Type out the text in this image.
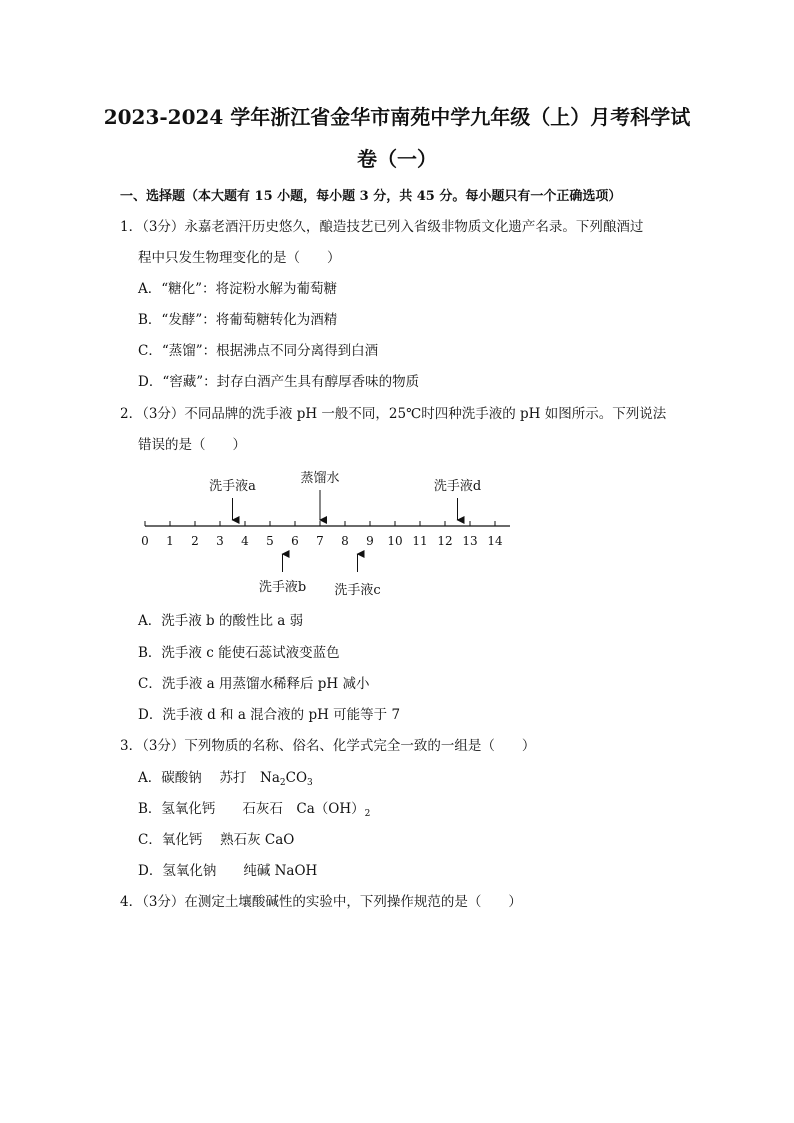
2023-2024 学年浙江省金华市南苑中学九年级（上）月考科学试
卷（一）
一、选择题（本大题有 15 小题，每小题 3 分，共 45 分。每小题只有一个正确选项）
1．（3分）永嘉老酒汗历史悠久，酿造技艺已列入省级非物质文化遗产名录。下列酿酒过
程中只发生物理变化的是（　　）
A．“糖化”：将淀粉水解为葡萄糖
B．“发酵”：将葡萄糖转化为酒精
C．“蒸馏”：根据沸点不同分离得到白酒
D．“窖藏”：封存白酒产生具有醇厚香味的物质
2．（3分）不同品牌的洗手液 pH 一般不同，25℃时四种洗手液的 pH 如图所示。下列说法
错误的是（　　）
0 1 2 3 4 5 6 7 8 9 10 11 12 13 14
洗手液a
蒸馏水
洗手液d
洗手液b 洗手液c
A．洗手液 b 的酸性比 a 弱
B．洗手液 c 能使石蕊试液变蓝色
C．洗手液 a 用蒸馏水稀释后 pH 减小
D．洗手液 d 和 a 混合液的 pH 可能等于 7
3．（3分）下列物质的名称、俗名、化学式完全一致的一组是（　　）
A．碳酸钠　 苏打　$Na_2CO_3$
B．氢氧化钙　　石灰石　$Ca(OH)_2$
C．氧化钙　 熟石灰 CaO
D．氢氧化钠　　纯碱 NaOH
4．（3分）在测定土壤酸碱性的实验中，下列操作规范的是（　　）
